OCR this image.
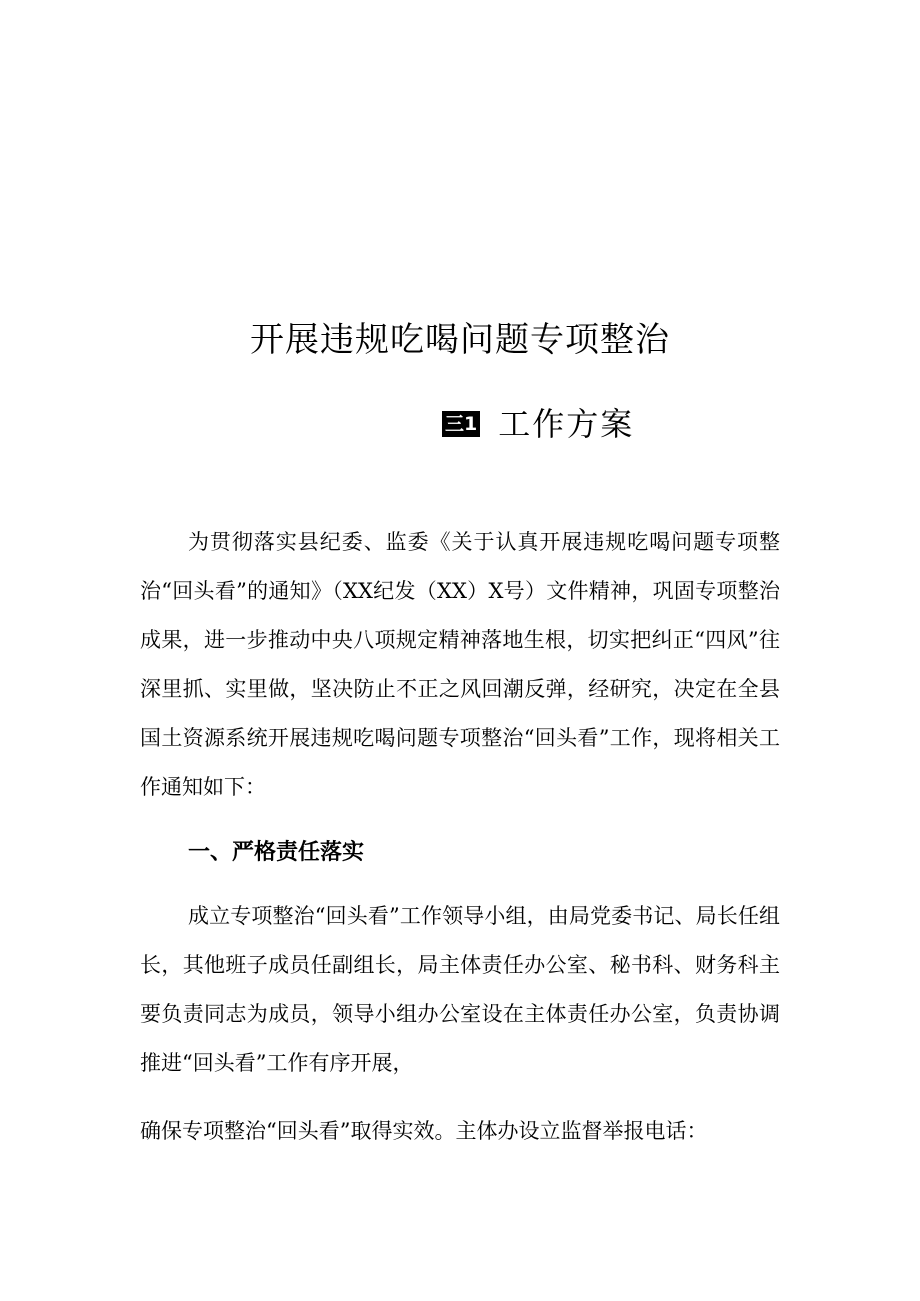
开展违规吃喝问题专项整治
三1 工作方案
为贯彻落实县纪委、监委《关于认真开展违规吃喝问题专项整治“回头看”的通知》（XX纪发（XX）X号）文件精神，巩固专项整治成果，进一步推动中央八项规定精神落地生根，切实把纠正“四风”往深里抓、实里做，坚决防止不正之风回潮反弹，经研究，决定在全县国土资源系统开展违规吃喝问题专项整治“回头看”工作，现将相关工作通知如下：
一、严格责任落实
成立专项整治“回头看”工作领导小组，由局党委书记、局长任组长，其他班子成员任副组长，局主体责任办公室、秘书科、财务科主要负责同志为成员，领导小组办公室设在主体责任办公室，负责协调推进“回头看”工作有序开展，
确保专项整治“回头看”取得实效。主体办设立监督举报电话：
